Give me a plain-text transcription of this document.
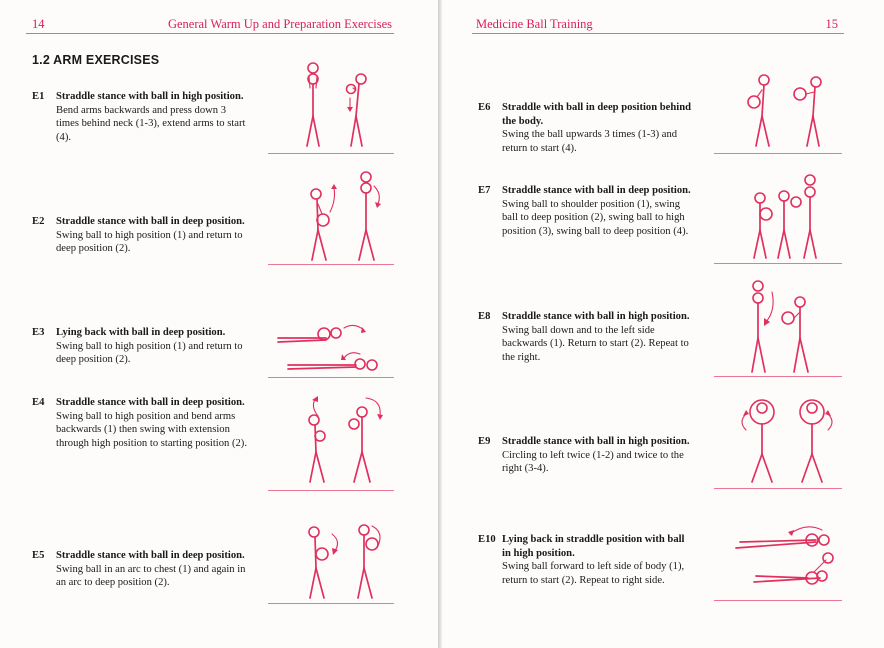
14	General Warm Up and Preparation Exercises
1.2 ARM EXERCISES
E1 Straddle stance with ball in high position.
Bend arms backwards and press down 3 times behind neck (1-3), extend arms to start (4).
E2 Straddle stance with ball in deep position.
Swing ball to high position (1) and return to deep position (2).
E3 Lying back with ball in deep position.
Swing ball to high position (1) and return to deep position (2).
E4 Straddle stance with ball in deep position.
Swing ball to high position and bend arms backwards (1) then swing with extension through high position to starting position (2).
E5 Straddle stance with ball in deep position.
Swing ball in an arc to chest (1) and again in an arc to deep position (2).
Medicine Ball Training	15
E6 Straddle with ball in deep position behind the body.
Swing the ball upwards 3 times (1-3) and return to start (4).
E7 Straddle stance with ball in deep position.
Swing ball to shoulder position (1), swing ball to deep position (2), swing ball to high position (3), swing ball to deep position (4).
E8 Straddle stance with ball in high position.
Swing ball down and to the left side backwards (1). Return to start (2). Repeat to the right.
E9 Straddle stance with ball in high position.
Circling to left twice (1-2) and twice to the right (3-4).
E10 Lying back in straddle position with ball in high position.
Swing ball forward to left side of body (1), return to start (2). Repeat to right side.
